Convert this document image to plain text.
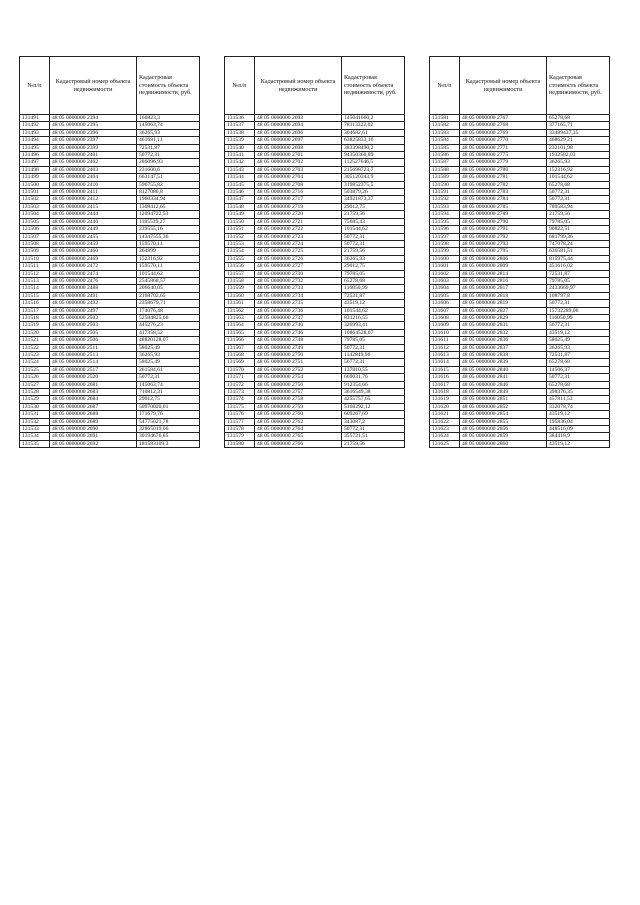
№п/п	Кадастровый номер объекта недвижимости	Кадастровая стоимость объекта недвижимости, руб.
131491	48 05 0000000 2394	166823,3
131492	48 05 0000000 2395	145063,74
131493	48 05 0000000 2396	36265,93
131494	48 05 0000000 2397	461681,11
131495	48 05 0000000 2399	72531,87
131496	48 05 0000000 2401	50772,31
131497	48 05 0000000 2402	286096,93
131498	48 05 0000000 2403	231600,6
131499	48 05 0000000 2404	663147,51
131500	48 05 0000000 2410	596755,82
131501	48 05 0000000 2411	8127080,8
131502	48 05 0000000 2412	1960334,94
131503	48 05 0000000 2415	1308412,65
131504	48 05 0000000 2444	12094722,53
131505	48 05 0000000 2446	1185539,27
131506	48 05 0000000 2449	239555,16
131507	48 05 0000000 2455	14347555,36
131508	48 05 0000000 2459	159570,11
131509	48 05 0000000 2460	264899
131510	48 05 0000000 2469	152316,92
131511	48 05 0000000 2472	159570,11
131512	48 05 0000000 2474	101544,62
131513	48 05 0000000 2476	2545868,57
131514	48 05 0000000 2488	206640,05
131515	48 05 0000000 2491	2168702,65
131516	48 05 0000000 2492	2358679,71
131517	48 05 0000000 2497	174076,48
131518	48 05 0000000 2502	52584825,66
131519	48 05 0000000 2503	445276,23
131520	48 05 0000000 2505	417358,52
131521	48 05 0000000 2506	48820128,07
131522	48 05 0000000 2511	58025,49
131523	48 05 0000000 2513	36265,93
131524	48 05 0000000 2514	58025,49
131525	48 05 0000000 2517	261584,61
131526	48 05 0000000 2520	50772,31
131527	48 05 0000000 2681	145063,74
131528	48 05 0000000 2683	710812,31
131529	48 05 0000000 2684	29012,75
131530	48 05 0000000 2687	50970020,01
131531	48 05 0000000 2688	171679,76
131532	48 05 0000000 2689	54775021,78
131533	48 05 0000000 2690	32865019,06
131534	48 05 0000000 2691	30194676,85
131535	48 05 0000000 2692	181583109,3
№п/п	Кадастровый номер объекта недвижимости	Кадастровая стоимость объекта недвижимости, руб.
131536	48 05 0000000 2693	145041660,2
131537	48 05 0000000 2694	78113322,02
131538	48 05 0000000 2696	304682,61
131539	48 05 0000000 2697	63825833,16
131540	48 05 0000000 2698	383398490,2
131541	48 05 0000000 2701	94350360,89
131542	48 05 0000000 2702	112527646,5
131543	48 05 0000000 2703	215698723,7
131544	48 05 0000000 2704	305120343,9
131545	48 05 0000000 2708	319852375,5
131546	48 05 0000000 2716	503879,26
131547	48 05 0000000 2717	34921873,37
131548	48 05 0000000 2719	29012,75
131549	48 05 0000000 2720	21759,56
131550	48 05 0000000 2721	75685,43
131551	48 05 0000000 2722	101544,62
131552	48 05 0000000 2723	50772,31
131553	48 05 0000000 2724	50772,31
131554	48 05 0000000 2725	21759,56
131555	48 05 0000000 2726	36265,93
131556	48 05 0000000 2727	29012,75
131557	48 05 0000000 2730	79785,05
131558	48 05 0000000 2732	65278,68
131559	48 05 0000000 2733	116050,99
131560	48 05 0000000 2734	72531,87
131561	48 05 0000000 2735	43519,12
131562	48 05 0000000 2736	101544,62
131563	48 05 0000000 2737	831216,55
131564	48 05 0000000 2740	326993,41
131565	48 05 0000000 2746	10864528,07
131566	48 05 0000000 2748	79785,05
131567	48 05 0000000 2749	50772,31
131568	48 05 0000000 2750	1142849,96
131569	48 05 0000000 2751	50772,31
131570	48 05 0000000 2752	137810,55
131571	48 05 0000000 2754	669031,76
131572	48 05 0000000 2756	912354,66
131573	48 05 0000000 2757	3616549,38
131574	48 05 0000000 2758	4255757,65
131575	48 05 0000000 2759	5168292,12
131576	48 05 0000000 2760	609267,69
131577	48 05 0000000 2762	343087,2
131578	48 05 0000000 2764	50772,31
131579	48 05 0000000 2765	355721,51
131580	48 05 0000000 2766	21759,56
№п/п	Кадастровый номер объекта недвижимости	Кадастровая стоимость объекта недвижимости, руб.
131581	48 05 0000000 2767	65278,68
131582	48 05 0000000 2768	377165,71
131583	48 05 0000000 2769	33489437,35
131584	48 05 0000000 2770	468629,21
131585	48 05 0000000 2771	232101,98
131586	48 05 0000000 2775	1932582,03
131587	48 05 0000000 2779	36265,93
131588	48 05 0000000 2780	152316,92
131589	48 05 0000000 2781	101544,62
131590	48 05 0000000 2782	65278,68
131591	48 05 0000000 2783	50772,31
131592	48 05 0000000 2784	50772,31
131593	48 05 0000000 2785	780583,94
131594	48 05 0000000 2789	21759,56
131595	48 05 0000000 2790	79785,05
131596	48 05 0000000 2791	90822,51
131597	48 05 0000000 2792	681799,36
131598	48 05 0000000 2793	747078,24
131599	48 05 0000000 2795	636581,51
131600	48 05 0000000 2806	815975,44
131601	48 05 0000000 2809	451616,02
131602	48 05 0000000 2814	72531,87
131603	48 05 0000000 2816	79785,05
131604	48 05 0000000 2817	2433669,97
131605	48 05 0000000 2818	108797,8
131606	48 05 0000000 2819	50772,31
131607	48 05 0000000 2827	15732289,06
131608	48 05 0000000 2829	116050,99
131609	48 05 0000000 2831	50772,31
131610	48 05 0000000 2832	43519,12
131611	48 05 0000000 2836	58025,49
131612	48 05 0000000 2837	36265,93
131613	48 05 0000000 2838	72531,87
131614	48 05 0000000 2839	65278,68
131615	48 05 0000000 2840	14506,37
131616	48 05 0000000 2841	50772,31
131617	48 05 0000000 2846	65278,68
131618	48 05 0000000 2849	398376,35
131619	48 05 0000000 2851	457811,53
131620	48 05 0000000 2852	332078,74
131621	48 05 0000000 2854	43519,12
131622	48 05 0000000 2855	195836,04
131623	48 05 0000000 2856	448516,09
131624	48 05 0000000 2859	384418,9
131625	48 05 0000000 2860	43519,12
